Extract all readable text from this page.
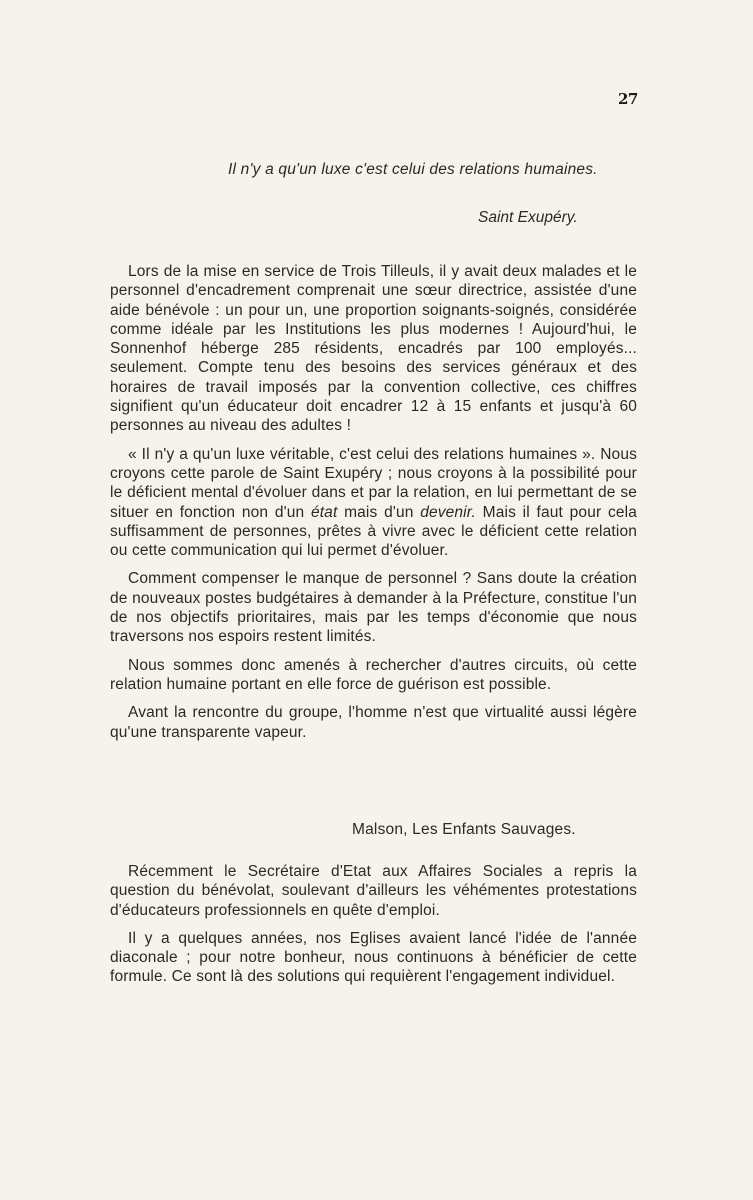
27
Il n'y a qu'un luxe c'est celui des relations humaines.
Saint Exupéry.

Lors de la mise en service de Trois Tilleuls, il y avait deux malades et le personnel d'encadrement comprenait une sœur directrice, assistée d'une aide bénévole : un pour un, une proportion soignants-soignés, considérée comme idéale par les Institutions les plus modernes ! Aujourd'hui, le Sonnenhof héberge 285 résidents, encadrés par 100 employés... seulement. Compte tenu des besoins des services généraux et des horaires de travail imposés par la convention collective, ces chiffres signifient qu'un éducateur doit encadrer 12 à 15 enfants et jusqu'à 60 personnes au niveau des adultes !

« Il n'y a qu'un luxe véritable, c'est celui des relations humaines ». Nous croyons cette parole de Saint Exupéry ; nous croyons à la possibilité pour le déficient mental d'évoluer dans et par la relation, en lui permettant de se situer en fonction non d'un état mais d'un devenir. Mais il faut pour cela suffisamment de personnes, prêtes à vivre avec le déficient cette relation ou cette communication qui lui permet d'évoluer.

Comment compenser le manque de personnel ? Sans doute la création de nouveaux postes budgétaires à demander à la Préfecture, constitue l'un de nos objectifs prioritaires, mais par les temps d'économie que nous traversons nos espoirs restent limités.

Nous sommes donc amenés à rechercher d'autres circuits, où cette relation humaine portant en elle force de guérison est possible.

Avant la rencontre du groupe, l'homme n'est que virtualité aussi légère qu'une transparente vapeur.

Malson, Les Enfants Sauvages.

Récemment le Secrétaire d'Etat aux Affaires Sociales a repris la question du bénévolat, soulevant d'ailleurs les véhémentes protestations d'éducateurs professionnels en quête d'emploi.

Il y a quelques années, nos Eglises avaient lancé l'idée de l'année diaconale ; pour notre bonheur, nous continuons à bénéficier de cette formule. Ce sont là des solutions qui requièrent l'engagement individuel.
